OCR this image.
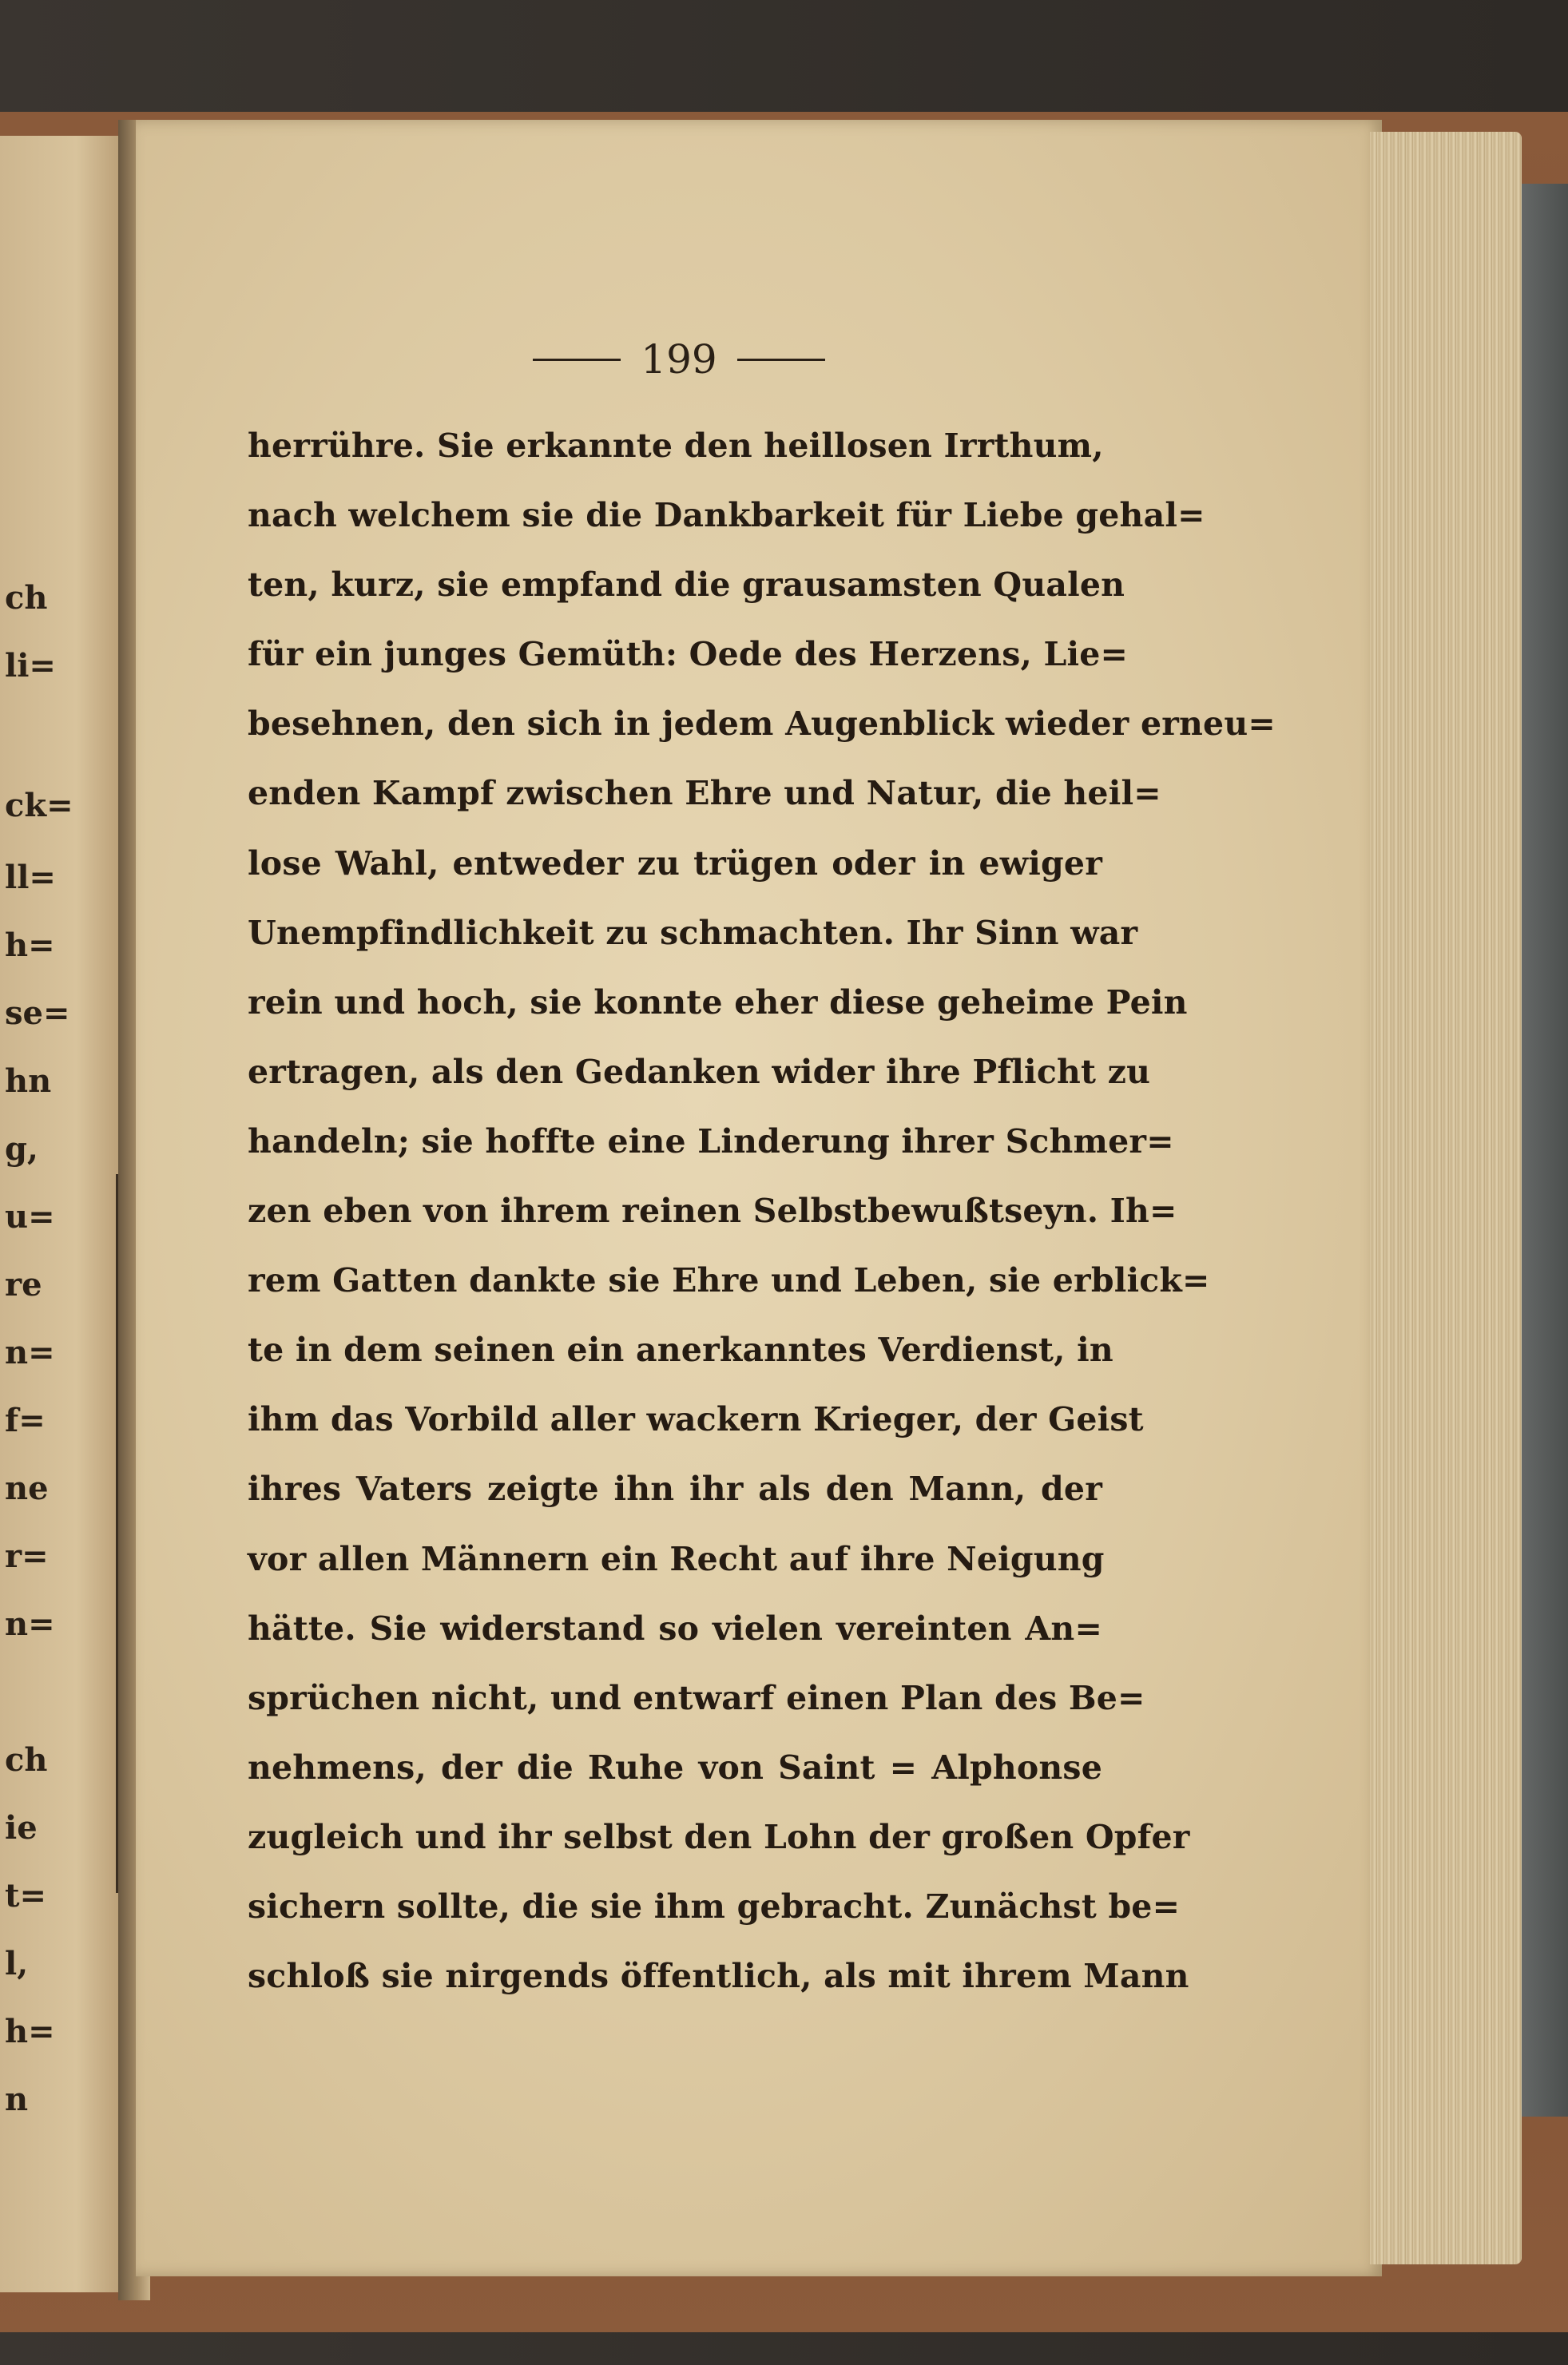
ch
li=
ck=
ll=
h=
se=
hn
g,
u=
re
n=
f=
ne
r=
n=
ch
ie
t=
l,
h=
n
199
herrühre. Sie erkannte den heillosen Irrthum,
nach welchem sie die Dankbarkeit für Liebe gehal=
ten, kurz, sie empfand die grausamsten Qualen
für ein junges Gemüth: Oede des Herzens, Lie=
besehnen, den sich in jedem Augenblick wieder erneu=
enden Kampf zwischen Ehre und Natur, die heil=
lose Wahl, entweder zu trügen oder in ewiger
Unempfindlichkeit zu schmachten. Ihr Sinn war
rein und hoch, sie konnte eher diese geheime Pein
ertragen, als den Gedanken wider ihre Pflicht zu
handeln; sie hoffte eine Linderung ihrer Schmer=
zen eben von ihrem reinen Selbstbewußtseyn. Ih=
rem Gatten dankte sie Ehre und Leben, sie erblick=
te in dem seinen ein anerkanntes Verdienst, in
ihm das Vorbild aller wackern Krieger, der Geist
ihres Vaters zeigte ihn ihr als den Mann, der
vor allen Männern ein Recht auf ihre Neigung
hätte. Sie widerstand so vielen vereinten An=
sprüchen nicht, und entwarf einen Plan des Be=
nehmens, der die Ruhe von Saint = Alphonse
zugleich und ihr selbst den Lohn der großen Opfer
sichern sollte, die sie ihm gebracht. Zunächst be=
schloß sie nirgends öffentlich, als mit ihrem Mann
